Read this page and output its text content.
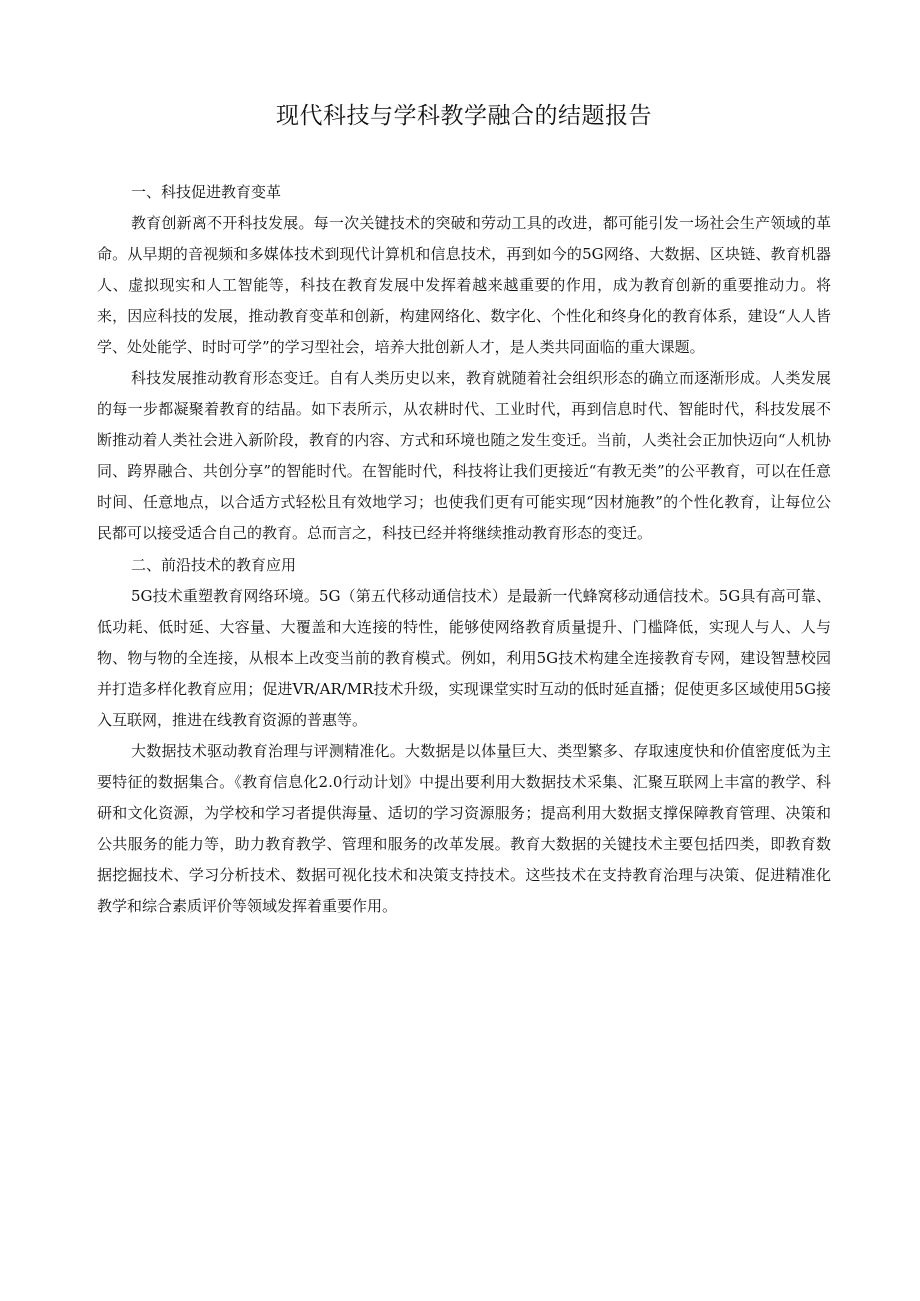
现代科技与学科教学融合的结题报告

一、科技促进教育变革

教育创新离不开科技发展。每一次关键技术的突破和劳动工具的改进，都可能引发一场社会生产领域的革命。从早期的音视频和多媒体技术到现代计算机和信息技术，再到如今的5G网络、大数据、区块链、教育机器人、虚拟现实和人工智能等，科技在教育发展中发挥着越来越重要的作用，成为教育创新的重要推动力。将来，因应科技的发展，推动教育变革和创新，构建网络化、数字化、个性化和终身化的教育体系，建设“人人皆学、处处能学、时时可学”的学习型社会，培养大批创新人才，是人类共同面临的重大课题。

科技发展推动教育形态变迁。自有人类历史以来，教育就随着社会组织形态的确立而逐渐形成。人类发展的每一步都凝聚着教育的结晶。如下表所示，从农耕时代、工业时代，再到信息时代、智能时代，科技发展不断推动着人类社会进入新阶段，教育的内容、方式和环境也随之发生变迁。当前，人类社会正加快迈向“人机协同、跨界融合、共创分享”的智能时代。在智能时代，科技将让我们更接近“有教无类”的公平教育，可以在任意时间、任意地点，以合适方式轻松且有效地学习；也使我们更有可能实现“因材施教”的个性化教育，让每位公民都可以接受适合自己的教育。总而言之，科技已经并将继续推动教育形态的变迁。

二、前沿技术的教育应用

5G技术重塑教育网络环境。5G（第五代移动通信技术）是最新一代蜂窝移动通信技术。5G具有高可靠、低功耗、低时延、大容量、大覆盖和大连接的特性，能够使网络教育质量提升、门槛降低，实现人与人、人与物、物与物的全连接，从根本上改变当前的教育模式。例如，利用5G技术构建全连接教育专网，建设智慧校园并打造多样化教育应用；促进VR/AR/MR技术升级，实现课堂实时互动的低时延直播；促使更多区域使用5G接入互联网，推进在线教育资源的普惠等。

大数据技术驱动教育治理与评测精准化。大数据是以体量巨大、类型繁多、存取速度快和价值密度低为主要特征的数据集合。《教育信息化2.0行动计划》中提出要利用大数据技术采集、汇聚互联网上丰富的教学、科研和文化资源，为学校和学习者提供海量、适切的学习资源服务；提高利用大数据支撑保障教育管理、决策和公共服务的能力等，助力教育教学、管理和服务的改革发展。教育大数据的关键技术主要包括四类，即教育数据挖掘技术、学习分析技术、数据可视化技术和决策支持技术。这些技术在支持教育治理与决策、促进精准化教学和综合素质评价等领域发挥着重要作用。
